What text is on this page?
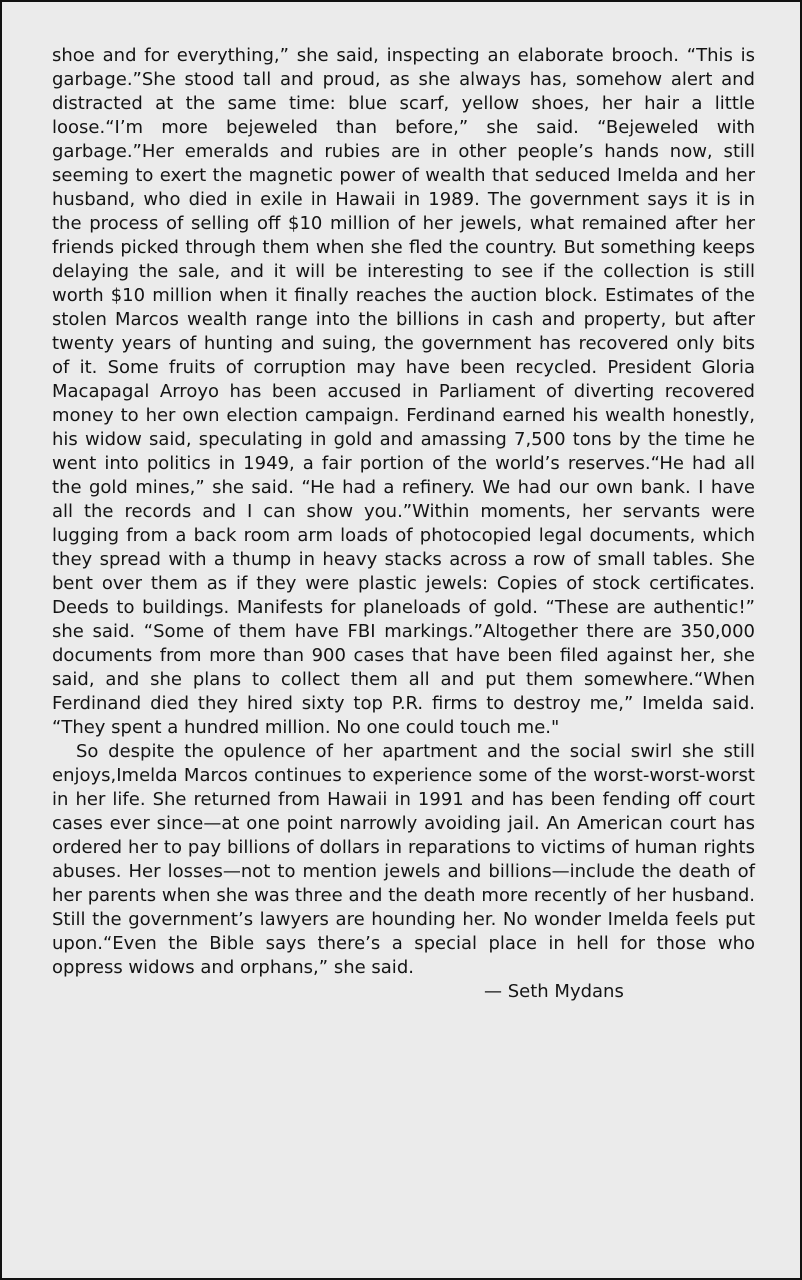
shoe and for everything,” she said, inspecting an elaborate brooch. “This is garbage.”She stood tall and proud, as she always has, somehow alert and distracted at the same time: blue scarf, yellow shoes, her hair a little loose.“I’m more bejeweled than before,” she said. “Bejeweled with garbage.”Her emeralds and rubies are in other people’s hands now, still seeming to exert the magnetic power of wealth that seduced Imelda and her husband, who died in exile in Hawaii in 1989. The government says it is in the process of selling off $10 million of her jewels, what remained after her friends picked through them when she fled the country. But something keeps delaying the sale, and it will be interesting to see if the collection is still worth $10 million when it finally reaches the auction block. Estimates of the stolen Marcos wealth range into the billions in cash and property, but after twenty years of hunting and suing, the government has recovered only bits of it. Some fruits of corruption may have been recycled. President Gloria Macapagal Arroyo has been accused in Parliament of diverting recovered money to her own election campaign. Ferdinand earned his wealth honestly, his widow said, speculating in gold and amassing 7,500 tons by the time he went into politics in 1949, a fair portion of the world’s reserves.“He had all the gold mines,” she said. “He had a refinery. We had our own bank. I have all the records and I can show you.”Within moments, her servants were lugging from a back room arm loads of photocopied legal documents, which they spread with a thump in heavy stacks across a row of small tables. She bent over them as if they were plastic jewels: Copies of stock certificates. Deeds to buildings. Manifests for planeloads of gold. “These are authentic!” she said. “Some of them have FBI markings.”Altogether there are 350,000 documents from more than 900 cases that have been filed against her, she said, and she plans to collect them all and put them somewhere.“When Ferdinand died they hired sixty top P.R. firms to destroy me,” Imelda said. “They spent a hundred million. No one could touch me."

So despite the opulence of her apartment and the social swirl she still enjoys,Imelda Marcos continues to experience some of the worst-worst-worst in her life. She returned from Hawaii in 1991 and has been fending off court cases ever since—at one point narrowly avoiding jail. An American court has ordered her to pay billions of dollars in reparations to victims of human rights abuses. Her losses—not to mention jewels and billions—include the death of her parents when she was three and the death more recently of her husband. Still the government’s lawyers are hounding her. No wonder Imelda feels put upon.“Even the Bible says there’s a special place in hell for those who oppress widows and orphans,” she said.

— Seth Mydans
